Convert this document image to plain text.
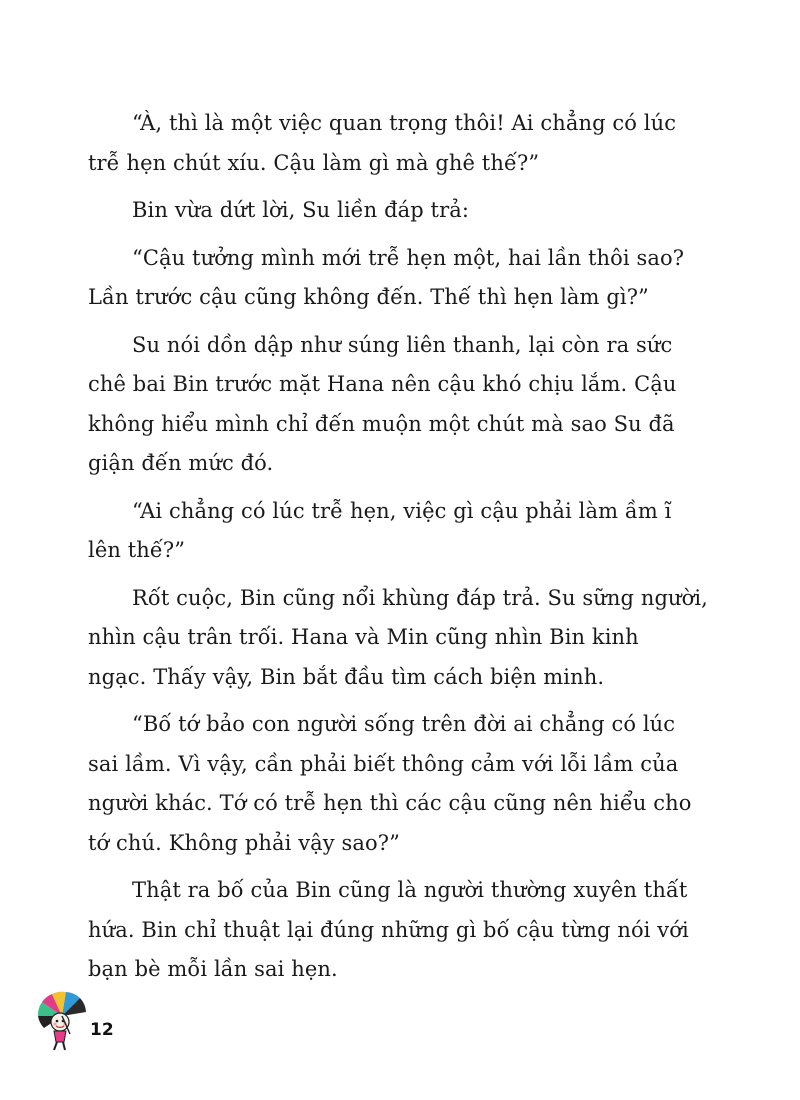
“À, thì là một việc quan trọng thôi! Ai chẳng có lúc
trễ hẹn chút xíu. Cậu làm gì mà ghê thế?”

Bin vừa dứt lời, Su liền đáp trả:

“Cậu tưởng mình mới trễ hẹn một, hai lần thôi sao?
Lần trước cậu cũng không đến. Thế thì hẹn làm gì?”

Su nói dồn dập như súng liên thanh, lại còn ra sức
chê bai Bin trước mặt Hana nên cậu khó chịu lắm. Cậu
không hiểu mình chỉ đến muộn một chút mà sao Su đã
giận đến mức đó.

“Ai chẳng có lúc trễ hẹn, việc gì cậu phải làm ầm ĩ
lên thế?”

Rốt cuộc, Bin cũng nổi khùng đáp trả. Su sững người,
nhìn cậu trân trối. Hana và Min cũng nhìn Bin kinh
ngạc. Thấy vậy, Bin bắt đầu tìm cách biện minh.

“Bố tớ bảo con người sống trên đời ai chẳng có lúc
sai lầm. Vì vậy, cần phải biết thông cảm với lỗi lầm của
người khác. Tớ có trễ hẹn thì các cậu cũng nên hiểu cho
tớ chú. Không phải vậy sao?”

Thật ra bố của Bin cũng là người thường xuyên thất
hứa. Bin chỉ thuật lại đúng những gì bố cậu từng nói với
bạn bè mỗi lần sai hẹn.

12
